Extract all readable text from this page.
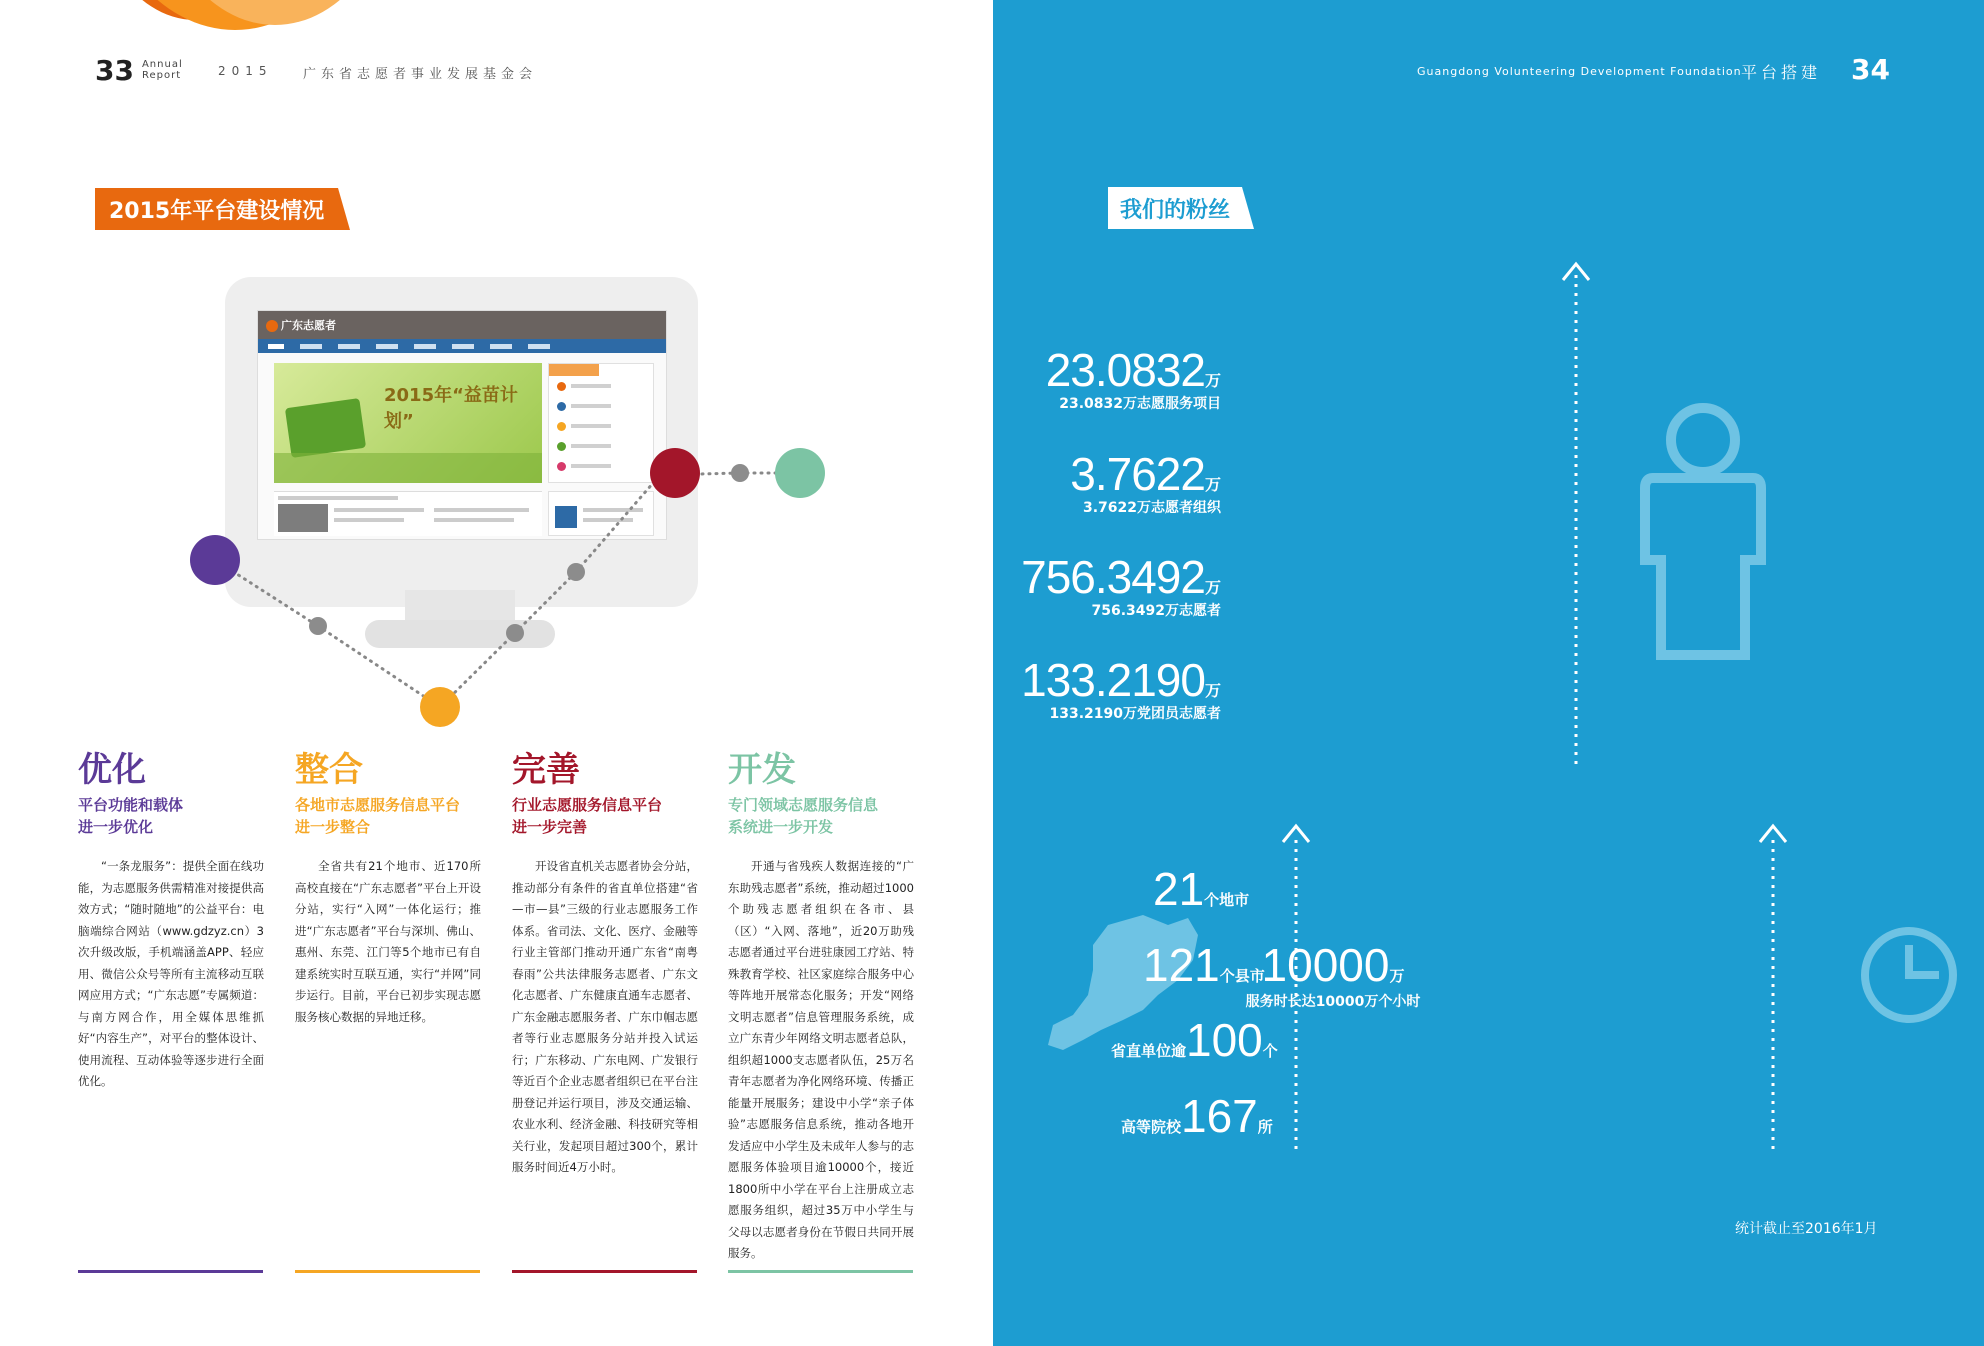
33 Annual
Report	2015 广东省志愿者事业发展基金会
2015年平台建设情况
广东志愿者
2015年“益苗计划”
优化
平台功能和载体
进一步优化
“一条龙服务”：提供全面在线功能，为志愿服务供需精准对接提供高效方式；“随时随地”的公益平台：电脑端综合网站（www.gdzyz.cn）3次升级改版，手机端涵盖APP、轻应用、微信公众号等所有主流移动互联网应用方式；“广东志愿”专属频道：与南方网合作，用全媒体思维抓好“内容生产”，对平台的整体设计、使用流程、互动体验等逐步进行全面优化。
整合
各地市志愿服务信息平台
进一步整合
全省共有21个地市、近170所高校直接在“广东志愿者”平台上开设分站，实行“入网”一体化运行；推进“广东志愿者”平台与深圳、佛山、惠州、东莞、江门等5个地市已有自建系统实时互联互通，实行“并网”同步运行。目前，平台已初步实现志愿服务核心数据的异地迁移。
完善
行业志愿服务信息平台
进一步完善
开设省直机关志愿者协会分站，推动部分有条件的省直单位搭建“省—市—县”三级的行业志愿服务工作体系。省司法、文化、医疗、金融等行业主管部门推动开通广东省“南粤春雨”公共法律服务志愿者、广东文化志愿者、广东健康直通车志愿者、广东金融志愿服务者、广东巾帼志愿者等行业志愿服务分站并投入试运行；广东移动、广东电网、广发银行等近百个企业志愿者组织已在平台注册登记并运行项目，涉及交通运输、农业水利、经济金融、科技研究等相关行业，发起项目超过300个，累计服务时间近4万小时。
开发
专门领域志愿服务信息
系统进一步开发
开通与省残疾人数据连接的“广东助残志愿者”系统，推动超过1000个助残志愿者组织在各市、县（区）“入网、落地”，近20万助残志愿者通过平台进驻康园工疗站、特殊教育学校、社区家庭综合服务中心等阵地开展常态化服务；开发“网络文明志愿者”信息管理服务系统，成立广东青少年网络文明志愿者总队，组织超1000支志愿者队伍，25万名青年志愿者为净化网络环境、传播正能量开展服务；建设中小学“亲子体验”志愿服务信息系统，推动各地开发适应中小学生及未成年人参与的志愿服务体验项目逾10000个，接近1800所中小学在平台上注册成立志愿服务组织，超过35万中小学生与父母以志愿者身份在节假日共同开展服务。
Guangdong Volunteering Development Foundation 平台搭建 34
我们的粉丝
23.0832万
23.0832万志愿服务项目
3.7622万
3.7622万志愿者组织
756.3492万
756.3492万志愿者
133.2190万
133.2190万党团员志愿者
21个地市
121个县市
省直单位逾100个
高等院校167所
10000万
服务时长达10000万个小时
统计截止至2016年1月
